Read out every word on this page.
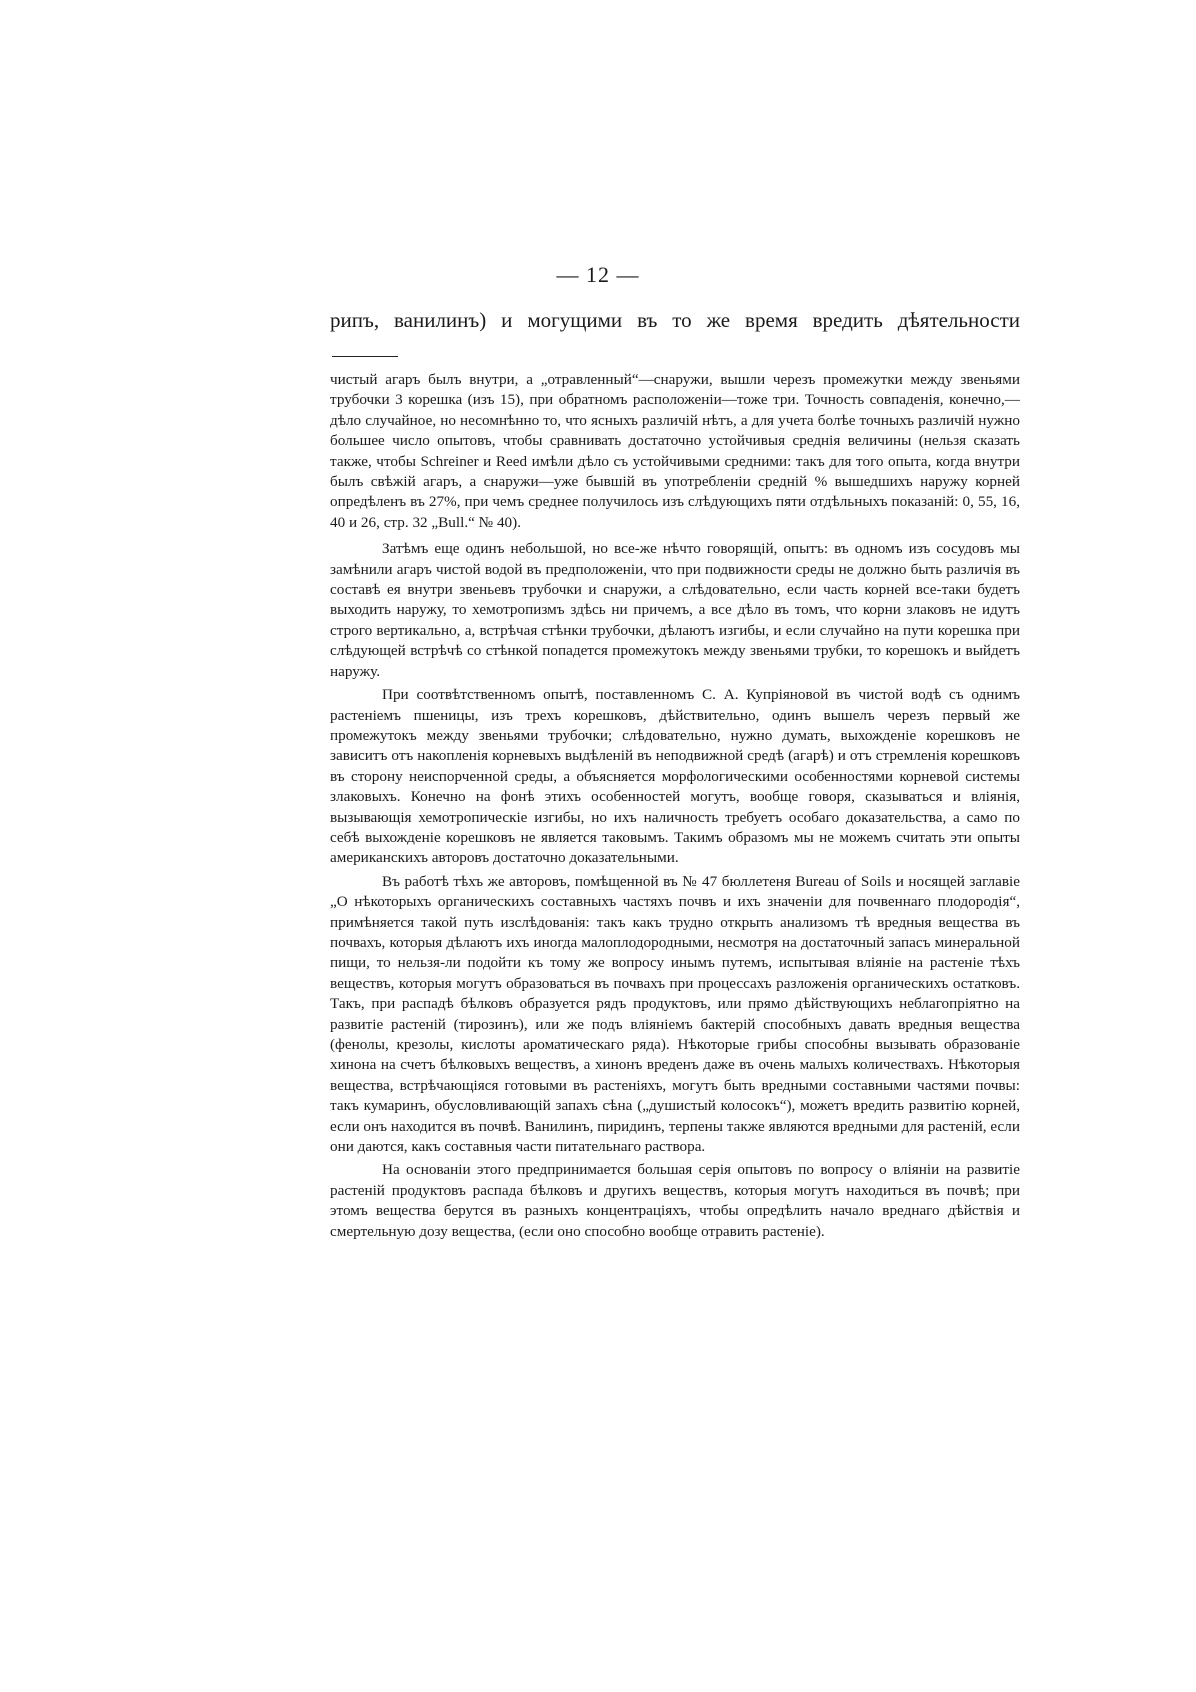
— 12 —
рипъ, ванилинъ) и могущими въ то же время вредить дѣятельности

чистый агаръ былъ внутри, а „отравленный“—снаружи, вышли черезъ промежутки между звеньями трубочки 3 корешка (изъ 15), при обратномъ расположеніи—тоже три. Точность совпаденія, конечно,—дѣло случайное, но несомнѣнно то, что ясныхъ различій нѣтъ, а для учета болѣе точныхъ различій нужно большее число опытовъ, чтобы сравнивать достаточно устойчивыя среднія величины (нельзя сказать также, чтобы Schreiner и Reed имѣли дѣло съ устойчивыми средними: такъ для того опыта, когда внутри былъ свѣжій агаръ, а снаружи—уже бывшій въ употребленіи среднiй % вышедшихъ наружу корней опредѣленъ въ 27%, при чемъ среднее получилось изъ слѣдующихъ пяти отдѣльныхъ показаній: 0, 55, 16, 40 и 26, стр. 32 „Bull.“ № 40).

Затѣмъ еще одинъ небольшой, но все-же нѣчто говорящій, опытъ: въ одномъ изъ сосудовъ мы замѣнили агаръ чистой водой въ предположеніи, что при подвижности среды не должно быть различія въ составѣ ея внутри звеньевъ трубочки и снаружи, а слѣдовательно, если часть корней все-таки будетъ выходить наружу, то хемотропизмъ здѣсь ни причемъ, а все дѣло въ томъ, что корни злаковъ не идутъ строго вертикально, а, встрѣчая стѣнки трубочки, дѣлаютъ изгибы, и если случайно на пути корешка при слѣдующей встрѣчѣ со стѣнкой попадется промежутокъ между звеньями трубки, то корешокъ и выйдетъ наружу.

При соотвѣтственномъ опытѣ, поставленномъ С. А. Купріяновой въ чистой водѣ съ однимъ растеніемъ пшеницы, изъ трехъ корешковъ, дѣйствительно, одинъ вышелъ черезъ первый же промежутокъ между звеньями трубочки; слѣдовательно, нужно думать, выхожденіе корешковъ не зависитъ отъ накопленія корневыхъ выдѣленій въ неподвижной средѣ (агарѣ) и отъ стремленія корешковъ въ сторону неиспорченной среды, а объясняется морфологическими особенностями корневой системы злаковыхъ. Конечно на фонѣ этихъ особенностей могутъ, вообще говоря, сказываться и вліянія, вызывающія хемотропическіе изгибы, но ихъ наличность требуетъ особаго доказательства, а само по себѣ выхожденіе корешковъ не является таковымъ. Такимъ образомъ мы не можемъ считать эти опыты американскихъ авторовъ достаточно доказательными.

Въ работѣ тѣхъ же авторовъ, помѣщенной въ № 47 бюллетеня Bureau of Soils и носящей заглавіе „О нѣкоторыхъ органическихъ составныхъ частяхъ почвъ и ихъ значеніи для почвеннаго плодородія“, примѣняется такой путь изслѣдованія: такъ какъ трудно открыть анализомъ тѣ вредныя вещества въ почвахъ, которыя дѣлаютъ ихъ иногда малоплодородными, несмотря на достаточный запасъ минеральной пищи, то нельзя-ли подойти къ тому же вопросу инымъ путемъ, испытывая вліяніе на растеніе тѣхъ веществъ, которыя могутъ образоваться въ почвахъ при процессахъ разложенія органическихъ остатковъ. Такъ, при распадѣ бѣлковъ образуется рядъ продуктовъ, или прямо дѣйствующихъ неблагопріятно на развитіе растеній (тирозинъ), или же подъ вліяніемъ бактерій способныхъ давать вредныя вещества (фенолы, крезолы, кислоты ароматическаго ряда). Нѣкоторые грибы способны вызывать образованіе хинона на счетъ бѣлковыхъ веществъ, а хинонъ вреденъ даже въ очень малыхъ количествахъ. Нѣкоторыя вещества, встрѣчающіяся готовыми въ растеніяхъ, могутъ быть вредными составными частями почвы: такъ кумаринъ, обусловливающій запахъ сѣна („душистый колосокъ“), можетъ вредить развитію корней, если онъ находится въ почвѣ. Ванилинъ, пиридинъ, терпены также являются вредными для растеній, если они даются, какъ составныя части питательнаго раствора.

На основаніи этого предпринимается большая серія опытовъ по вопросу о вліяніи на развитіе растеній продуктовъ распада бѣлковъ и другихъ веществъ, которыя могутъ находиться въ почвѣ; при этомъ вещества берутся въ разныхъ концентраціяхъ, чтобы опредѣлить начало вреднаго дѣйствія и смертельную дозу вещества, (если оно способно вообще отравить растеніе).
